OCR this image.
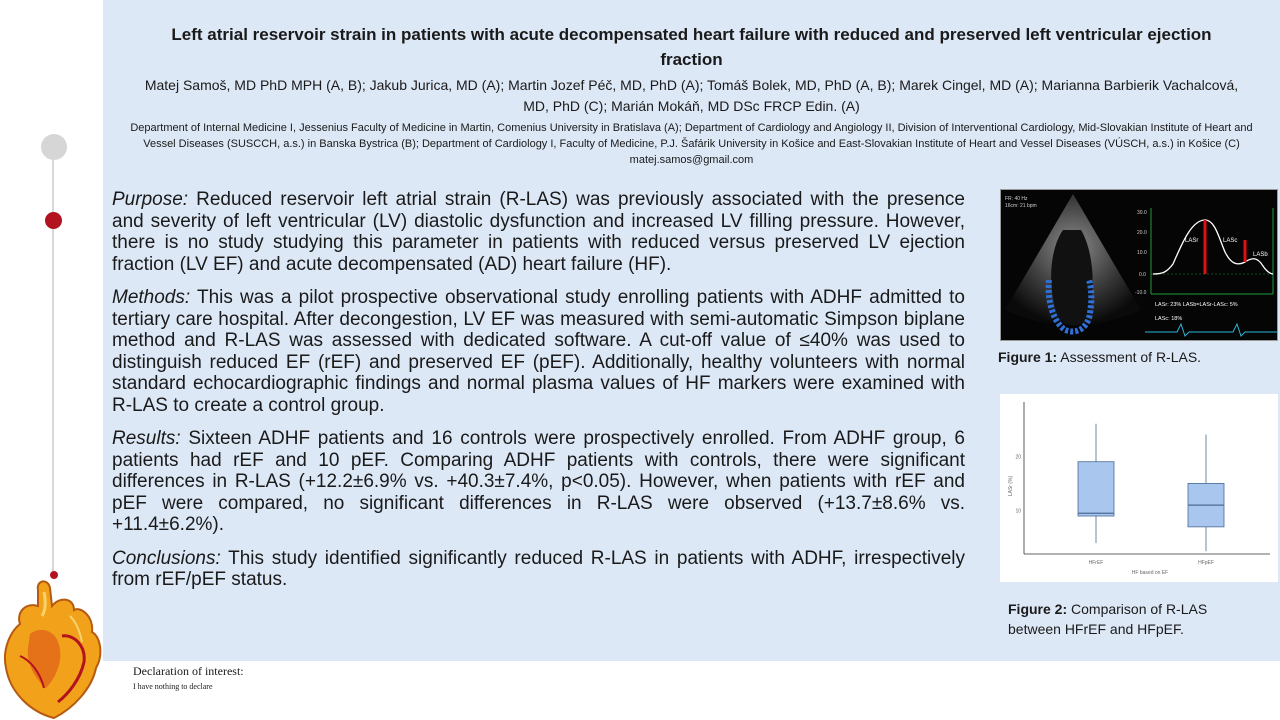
Left atrial reservoir strain in patients with acute decompensated heart failure with reduced and preserved left ventricular ejection fraction
Matej Samoš, MD PhD MPH (A, B); Jakub Jurica, MD (A); Martin Jozef Péč, MD, PhD (A); Tomáš Bolek, MD, PhD (A, B); Marek Cingel, MD (A); Marianna Barbierik Vachalcová, MD, PhD (C); Marián Mokáň, MD DSc FRCP Edin. (A)
Department of Internal Medicine I, Jessenius Faculty of Medicine in Martin, Comenius University in Bratislava (A); Department of Cardiology and Angiology II, Division of Interventional Cardiology, Mid-Slovakian Institute of Heart and Vessel Diseases (SUSCCH, a.s.) in Banska Bystrica (B); Department of Cardiology I, Faculty of Medicine, P.J. Šafárik University in Košice and East-Slovakian Institute of Heart and Vessel Diseases (VÚSCH, a.s.) in Košice (C)
matej.samos@gmail.com

Purpose: Reduced reservoir left atrial strain (R-LAS) was previously associated with the presence and severity of left ventricular (LV) diastolic dysfunction and increased LV filling pressure. However, there is no study studying this parameter in patients with reduced versus preserved LV ejection fraction (LV EF) and acute decompensated (AD) heart failure (HF).

Methods: This was a pilot prospective observational study enrolling patients with ADHF admitted to tertiary care hospital. After decongestion, LV EF was measured with semi-automatic Simpson biplane method and R-LAS was assessed with dedicated software. A cut-off value of ≤40% was used to distinguish reduced EF (rEF) and preserved EF (pEF). Additionally, healthy volunteers with normal standard echocardiographic findings and normal plasma values of HF markers were examined with R-LAS to create a control group.

Results: Sixteen ADHF patients and 16 controls were prospectively enrolled. From ADHF group, 6 patients had rEF and 10 pEF. Comparing ADHF patients with controls, there were significant differences in R-LAS (+12.2±6.9% vs. +40.3±7.4%, p<0.05). However, when patients with rEF and pEF were compared, no significant differences in R-LAS were observed (+13.7±8.6% vs. +11.4±6.2%).

Conclusions: This study identified significantly reduced R-LAS in patients with ADHF, irrespectively from rEF/pEF status.

FR: 40 Hz
16cm: 21 bpm
30.0
20.0
10.0
0.0
-10.0
LASr	LASc
LASb
LASr: 23% LASb=LASr-LASc: 5%
LASc: 18%
Figure 1: Assessment of R-LAS.
LASr (%)
HF based on EF
10
20
HFrEF	HFpEF
Figure 2: Comparison of R-LAS between HFrEF and HFpEF.
Declaration of interest:
I have nothing to declare
